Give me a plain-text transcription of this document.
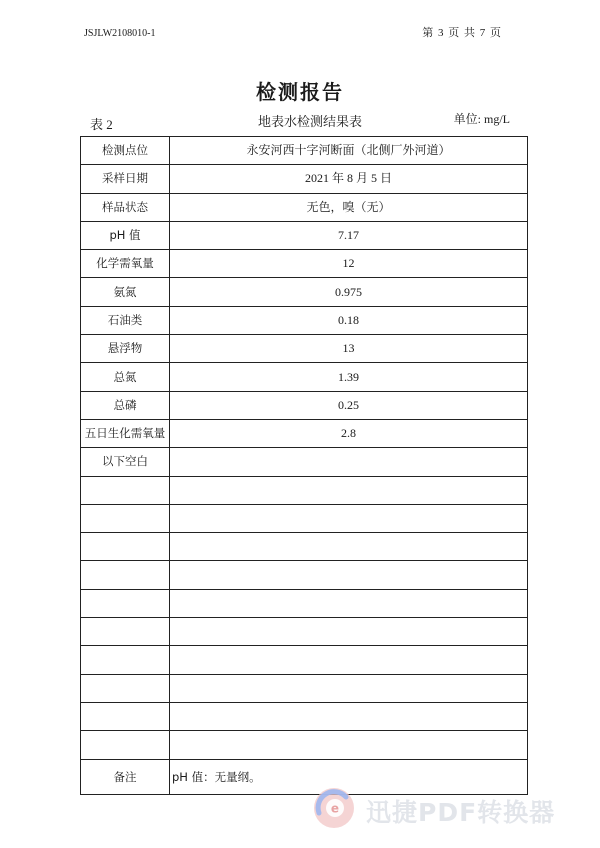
JSJLW2108010-1	第 3 页 共 7 页
检测报告
表 2	地表水检测结果表	单位: mg/L
检测点位	永安河西十字河断面（北侧厂外河道）
采样日期	2021 年 8 月 5 日
样品状态	无色，嗅（无）
pH 值	7.17
化学需氧量	12
氨氮	0.975
石油类	0.18
悬浮物	13
总氮	1.39
总磷	0.25
五日生化需氧量	2.8
以下空白	

备注	pH 值：无量纲。
e 迅捷PDF转换器
